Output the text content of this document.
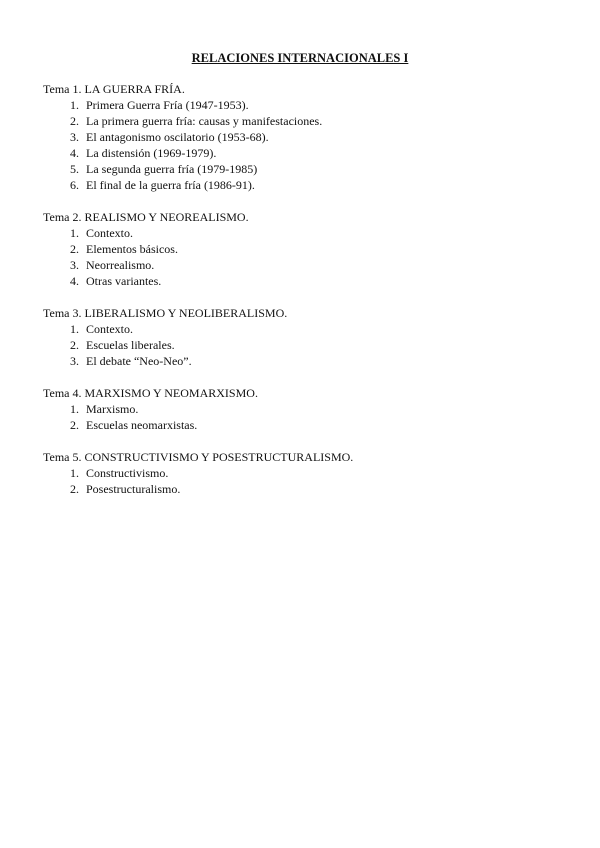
RELACIONES INTERNACIONALES I

Tema 1. LA GUERRA FRÍA.

1. Primera Guerra Fría (1947-1953).
2. La primera guerra fría: causas y manifestaciones.
3. El antagonismo oscilatorio (1953-68).
4. La distensión (1969-1979).
5. La segunda guerra fría (1979-1985)
6. El final de la guerra fría (1986-91).

Tema 2. REALISMO Y NEOREALISMO.

1. Contexto.
2. Elementos básicos.
3. Neorrealismo.
4. Otras variantes.

Tema 3. LIBERALISMO Y NEOLIBERALISMO.

1. Contexto.
2. Escuelas liberales.
3. El debate “Neo-Neo”.

Tema 4. MARXISMO Y NEOMARXISMO.

1. Marxismo.
2. Escuelas neomarxistas.

Tema 5. CONSTRUCTIVISMO Y POSESTRUCTURALISMO.

1. Constructivismo.
2. Posestructuralismo.
